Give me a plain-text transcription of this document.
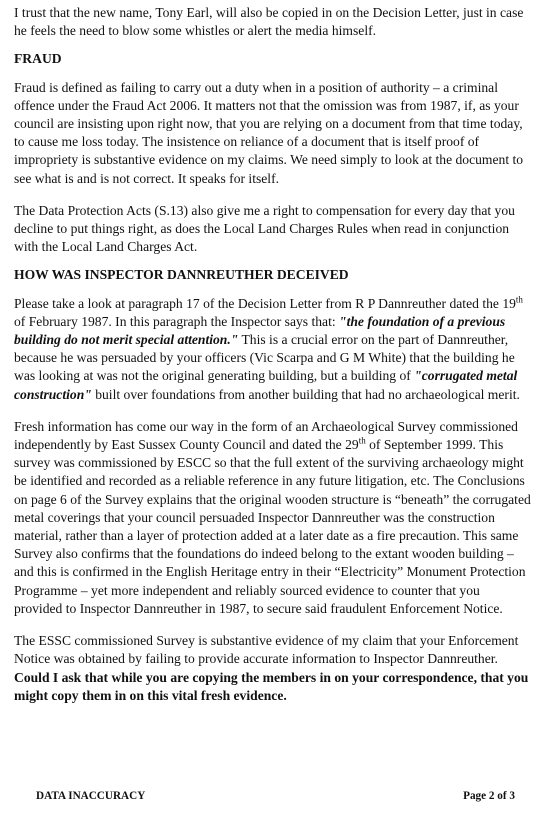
I trust that the new name, Tony Earl, will also be copied in on the Decision Letter, just in case he feels the need to blow some whistles or alert the media himself.

FRAUD

Fraud is defined as failing to carry out a duty when in a position of authority – a criminal offence under the Fraud Act 2006. It matters not that the omission was from 1987, if, as your council are insisting upon right now, that you are relying on a document from that time today, to cause me loss today. The insistence on reliance of a document that is itself proof of impropriety is substantive evidence on my claims. We need simply to look at the document to see what is and is not correct. It speaks for itself.

The Data Protection Acts (S.13) also give me a right to compensation for every day that you decline to put things right, as does the Local Land Charges Rules when read in conjunction with the Local Land Charges Act.

HOW WAS INSPECTOR DANNREUTHER DECEIVED

Please take a look at paragraph 17 of the Decision Letter from R P Dannreuther dated the 19th of February 1987. In this paragraph the Inspector says that: "the foundation of a previous building do not merit special attention." This is a crucial error on the part of Dannreuther, because he was persuaded by your officers (Vic Scarpa and G M White) that the building he was looking at was not the original generating building, but a building of "corrugated metal construction" built over foundations from another building that had no archaeological merit.

Fresh information has come our way in the form of an Archaeological Survey commissioned independently by East Sussex County Council and dated the 29th of September 1999. This survey was commissioned by ESCC so that the full extent of the surviving archaeology might be identified and recorded as a reliable reference in any future litigation, etc. The Conclusions on page 6 of the Survey explains that the original wooden structure is “beneath” the corrugated metal coverings that your council persuaded Inspector Dannreuther was the construction material, rather than a layer of protection added at a later date as a fire precaution. This same Survey also confirms that the foundations do indeed belong to the extant wooden building – and this is confirmed in the English Heritage entry in their “Electricity” Monument Protection Programme – yet more independent and reliably sourced evidence to counter that you provided to Inspector Dannreuther in 1987, to secure said fraudulent Enforcement Notice.

The ESSC commissioned Survey is substantive evidence of my claim that your Enforcement Notice was obtained by failing to provide accurate information to Inspector Dannreuther. Could I ask that while you are copying the members in on your correspondence, that you might copy them in on this vital fresh evidence.

DATA INACCURACY	Page 2 of 3
